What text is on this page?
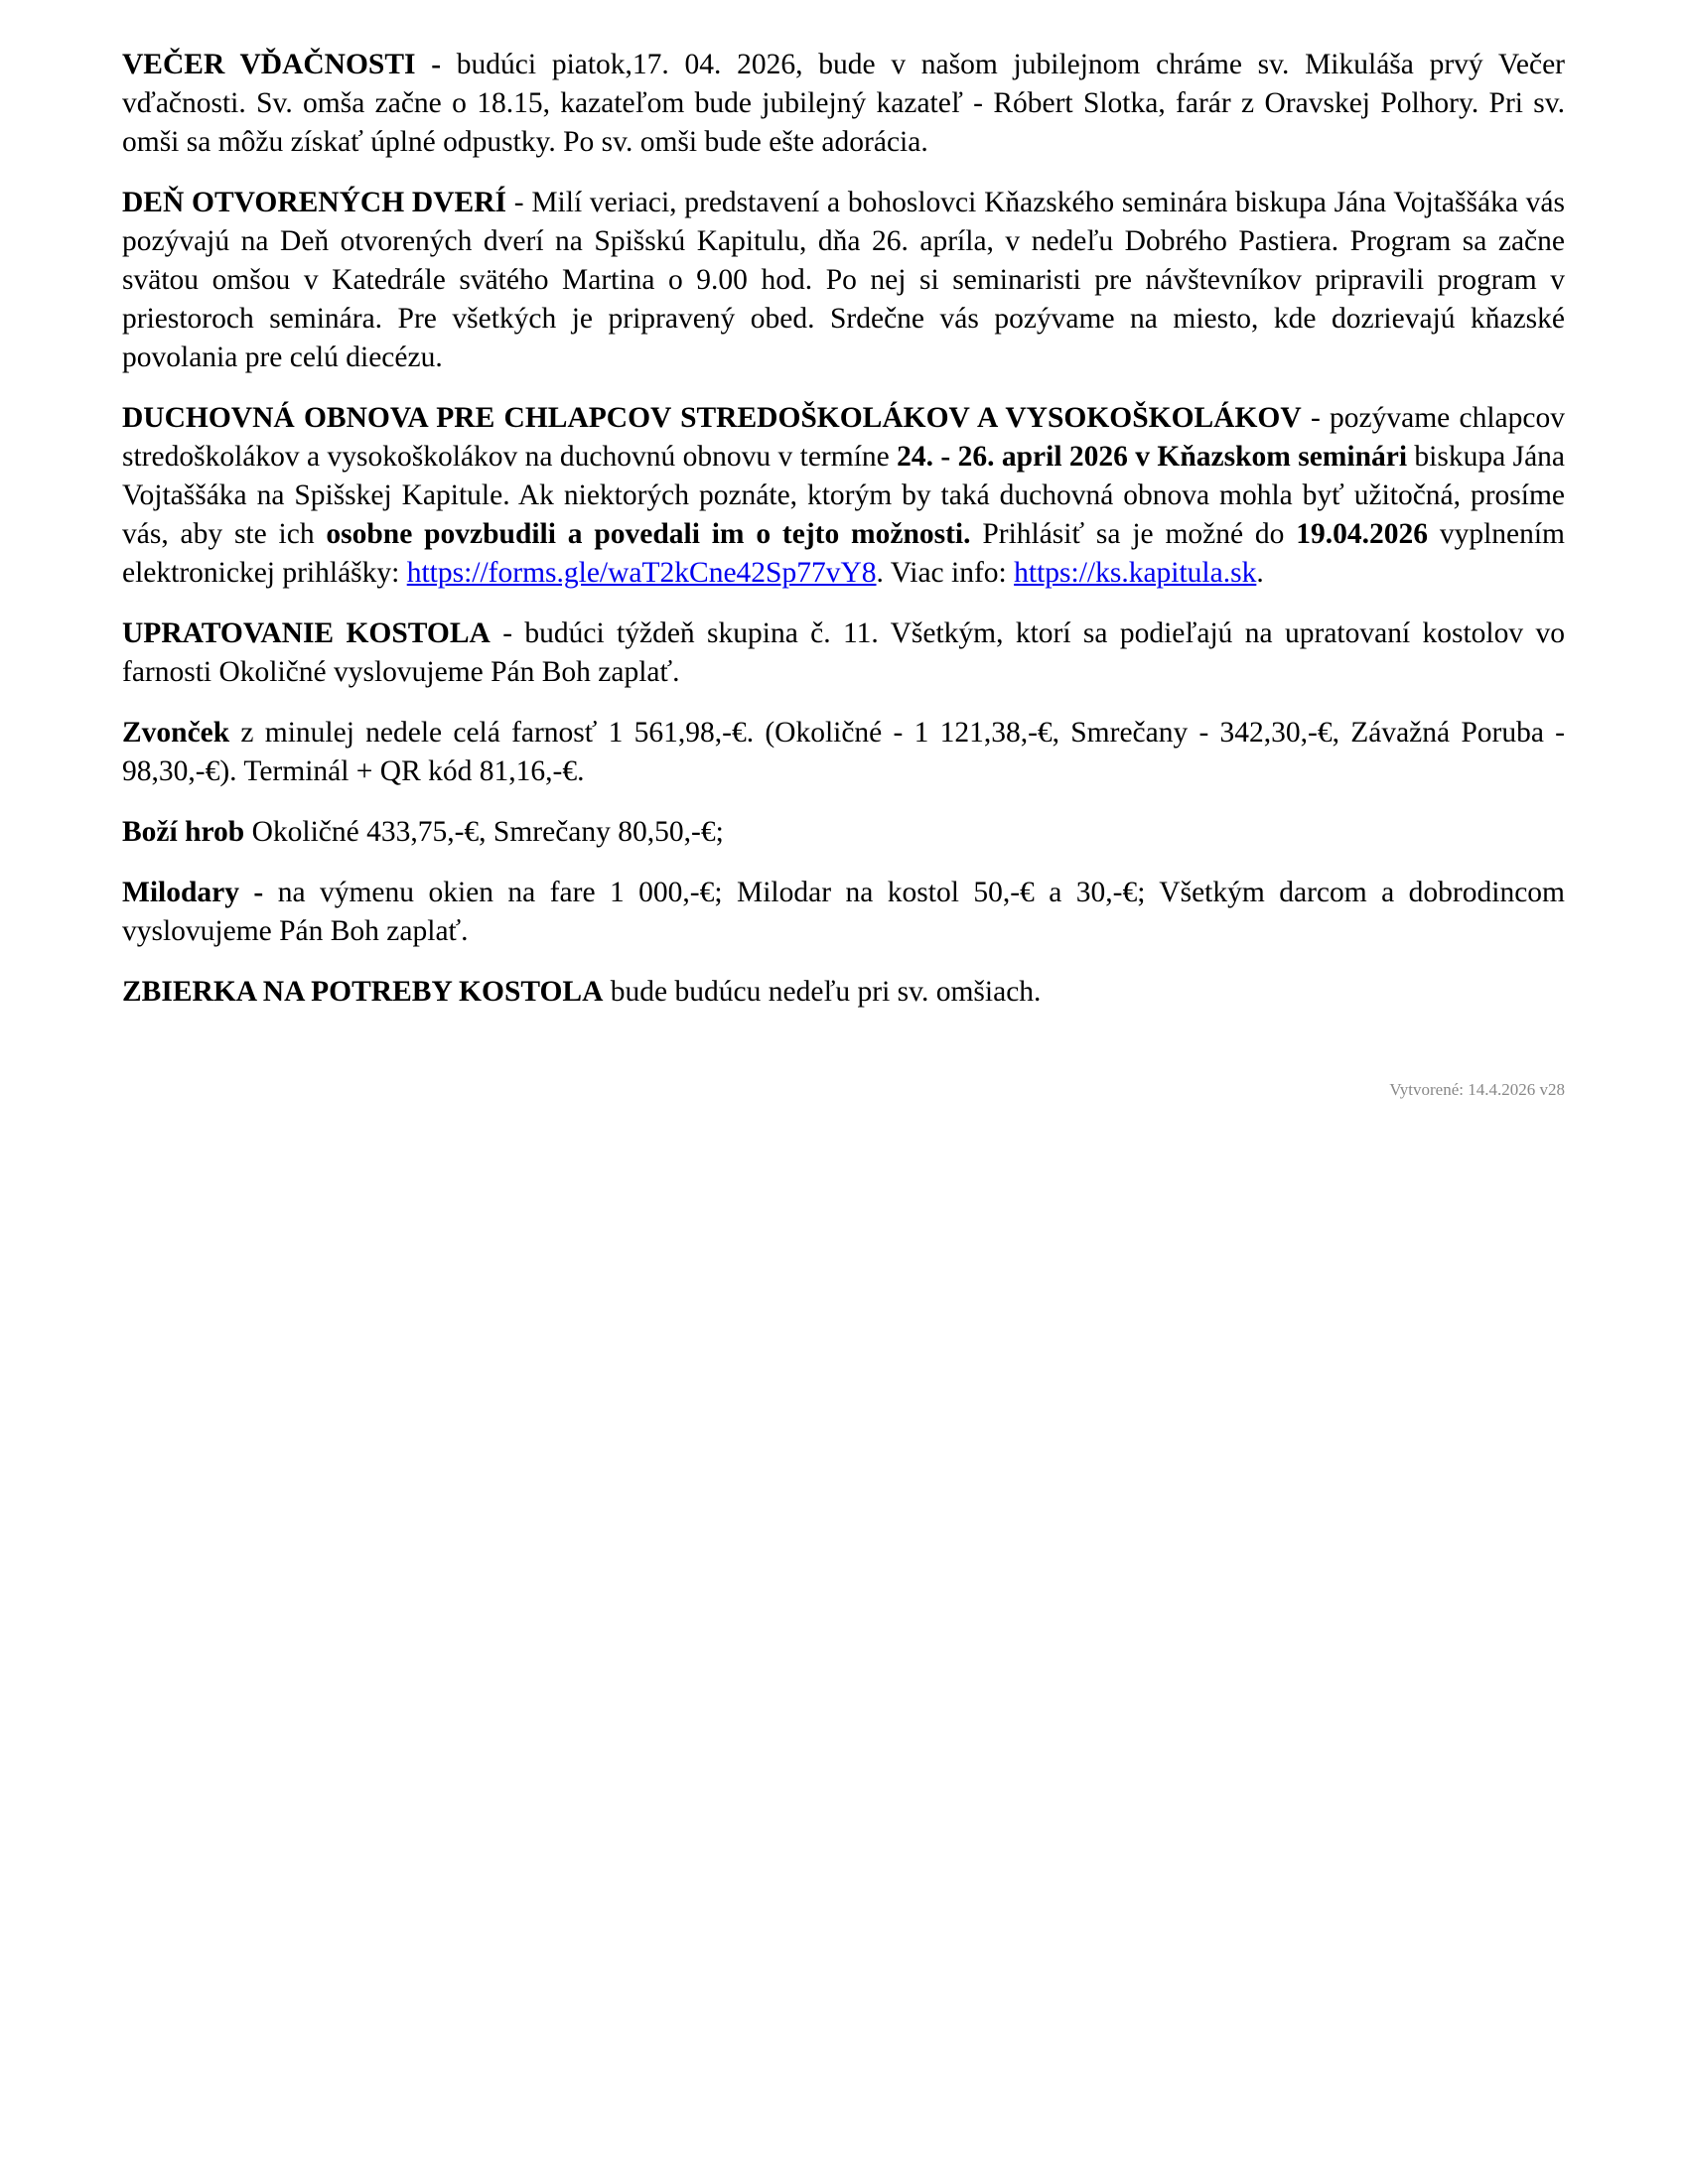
VEČER VĎAČNOSTI - budúci piatok,17. 04. 2026, bude v našom jubilejnom chráme sv. Mikuláša prvý Večer vďačnosti. Sv. omša začne o 18.15, kazateľom bude jubilejný kazateľ - Róbert Slotka, farár z Oravskej Polhory. Pri sv. omši sa môžu získať úplné odpustky. Po sv. omši bude ešte adorácia.

DEŇ OTVORENÝCH DVERÍ - Milí veriaci, predstavení a bohoslovci Kňazského seminára biskupa Jána Vojtaššáka vás pozývajú na Deň otvorených dverí na Spišskú Kapitulu, dňa 26. apríla, v nedeľu Dobrého Pastiera. Program sa začne svätou omšou v Katedrále svätého Martina o 9.00 hod. Po nej si seminaristi pre návštevníkov pripravili program v priestoroch seminára. Pre všetkých je pripravený obed. Srdečne vás pozývame na miesto, kde dozrievajú kňazské povolania pre celú diecézu.

DUCHOVNÁ OBNOVA PRE CHLAPCOV STREDOŠKOLÁKOV A VYSOKOŠKOLÁKOV - pozývame chlapcov stredoškolákov a vysokoškolákov na duchovnú obnovu v termíne 24. - 26. april 2026 v Kňazskom seminári biskupa Jána Vojtaššáka na Spišskej Kapitule. Ak niektorých poznáte, ktorým by taká duchovná obnova mohla byť užitočná, prosíme vás, aby ste ich osobne povzbudili a povedali im o tejto možnosti. Prihlásiť sa je možné do 19.04.2026 vyplnením elektronickej prihlášky: https://forms.gle/waT2kCne42Sp77vY8. Viac info: https://ks.kapitula.sk.

UPRATOVANIE KOSTOLA - budúci týždeň skupina č. 11. Všetkým, ktorí sa podieľajú na upratovaní kostolov vo farnosti Okoličné vyslovujeme Pán Boh zaplať.

Zvonček z minulej nedele celá farnosť 1 561,98,-€. (Okoličné - 1 121,38,-€, Smrečany - 342,30,-€, Závažná Poruba - 98,30,-€). Terminál + QR kód 81,16,-€.

Boží hrob Okoličné 433,75,-€, Smrečany 80,50,-€;

Milodary - na výmenu okien na fare 1 000,-€; Milodar na kostol 50,-€ a 30,-€; Všetkým darcom a dobrodincom vyslovujeme Pán Boh zaplať.

ZBIERKA NA POTREBY KOSTOLA bude budúcu nedeľu pri sv. omšiach.

Vytvorené: 14.4.2026 v28
